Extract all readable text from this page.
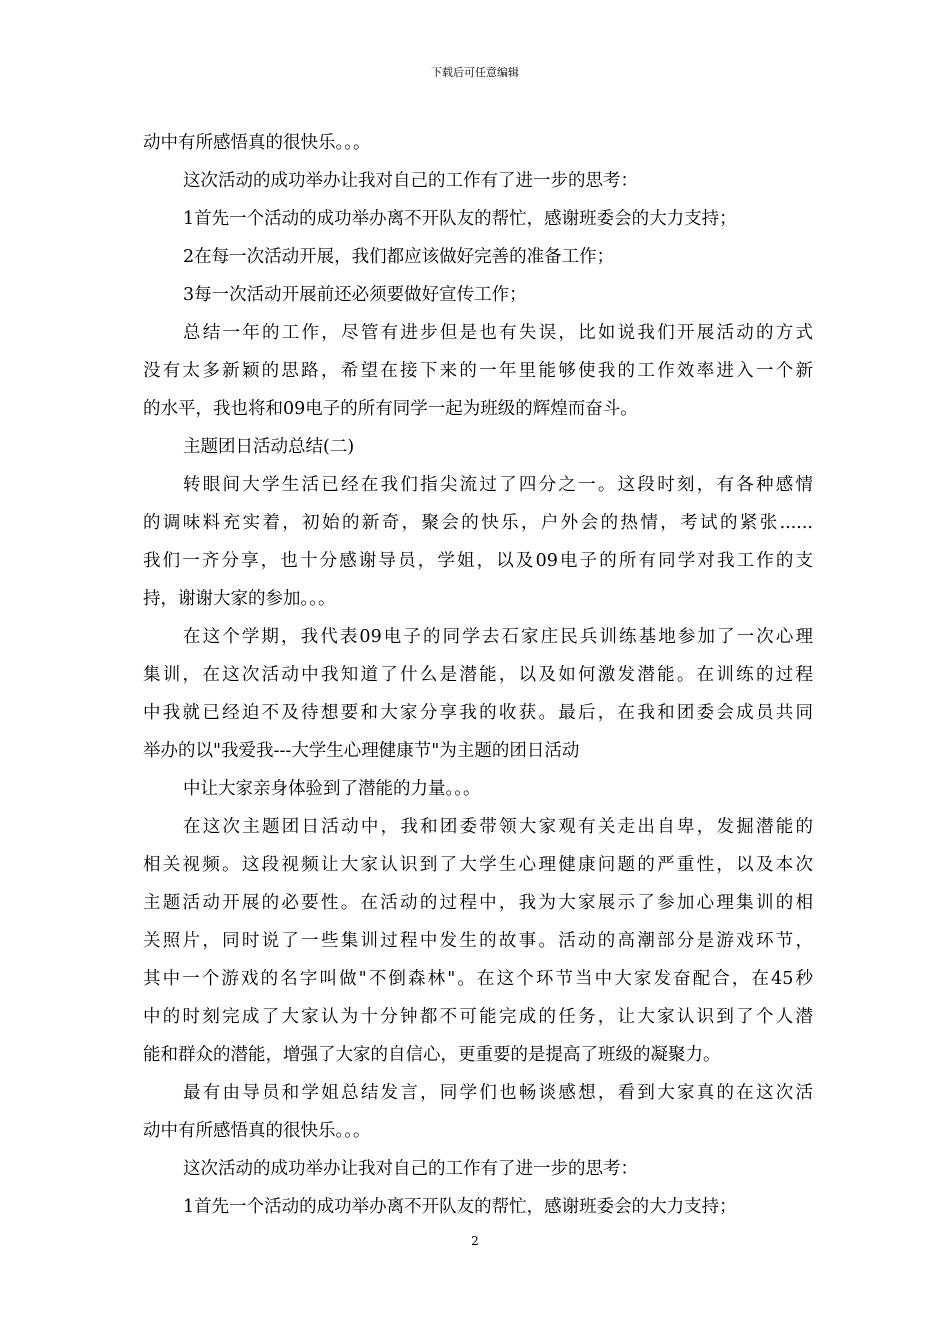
下载后可任意编辑
动中有所感悟真的很快乐。。。
这次活动的成功举办让我对自己的工作有了进一步的思考：
1首先一个活动的成功举办离不开队友的帮忙，感谢班委会的大力支持；
2在每一次活动开展，我们都应该做好完善的准备工作；
3每一次活动开展前还必须要做好宣传工作；
总结一年的工作，尽管有进步但是也有失误，比如说我们开展活动的方式
没有太多新颖的思路，希望在接下来的一年里能够使我的工作效率进入一个新
的水平，我也将和09电子的所有同学一起为班级的辉煌而奋斗。
主题团日活动总结(二)
转眼间大学生活已经在我们指尖流过了四分之一。这段时刻，有各种感情
的调味料充实着，初始的新奇，聚会的快乐，户外会的热情，考试的紧张......
我们一齐分享，也十分感谢导员，学姐，以及09电子的所有同学对我工作的支
持，谢谢大家的参加。。。
在这个学期，我代表09电子的同学去石家庄民兵训练基地参加了一次心理
集训，在这次活动中我知道了什么是潜能，以及如何激发潜能。在训练的过程
中我就已经迫不及待想要和大家分享我的收获。最后，在我和团委会成员共同
举办的以"我爱我---大学生心理健康节"为主题的团日活动
中让大家亲身体验到了潜能的力量。。。
在这次主题团日活动中，我和团委带领大家观有关走出自卑，发掘潜能的
相关视频。这段视频让大家认识到了大学生心理健康问题的严重性，以及本次
主题活动开展的必要性。在活动的过程中，我为大家展示了参加心理集训的相
关照片，同时说了一些集训过程中发生的故事。活动的高潮部分是游戏环节，
其中一个游戏的名字叫做"不倒森林"。在这个环节当中大家发奋配合，在45秒
中的时刻完成了大家认为十分钟都不可能完成的任务，让大家认识到了个人潜
能和群众的潜能，增强了大家的自信心，更重要的是提高了班级的凝聚力。
最有由导员和学姐总结发言，同学们也畅谈感想，看到大家真的在这次活
动中有所感悟真的很快乐。。。
这次活动的成功举办让我对自己的工作有了进一步的思考：
1首先一个活动的成功举办离不开队友的帮忙，感谢班委会的大力支持；
2
